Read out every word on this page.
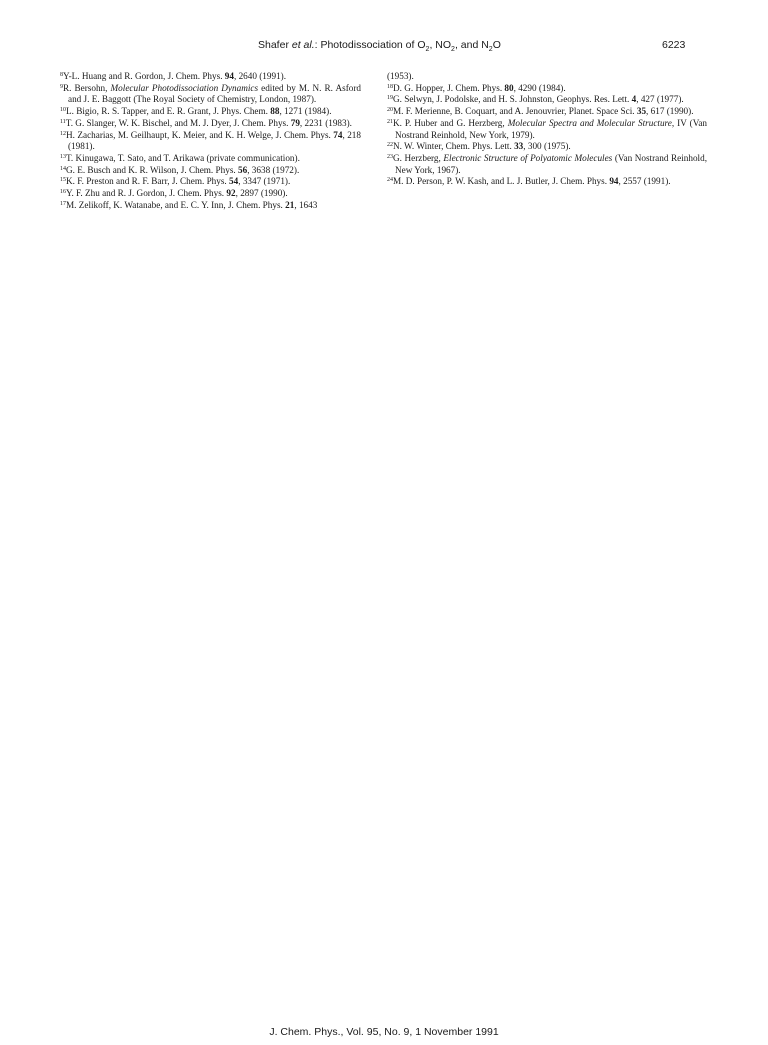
Shafer et al.: Photodissociation of $O_2$, $NO_2$, and $N_2O$	6223
$^8$Y-L. Huang and R. Gordon, J. Chem. Phys. 94, 2640 (1991).
$^9$R. Bersohn, Molecular Photodissociation Dynamics edited by M. N. R. Asford and J. E. Baggott (The Royal Society of Chemistry, London, 1987).
$^{10}$L. Bigio, R. S. Tapper, and E. R. Grant, J. Phys. Chem. 88, 1271 (1984).
$^{11}$T. G. Slanger, W. K. Bischel, and M. J. Dyer, J. Chem. Phys. 79, 2231 (1983).
$^{12}$H. Zacharias, M. Geilhaupt, K. Meier, and K. H. Welge, J. Chem. Phys. 74, 218 (1981).
$^{13}$T. Kinugawa, T. Sato, and T. Arikawa (private communication).
$^{14}$G. E. Busch and K. R. Wilson, J. Chem. Phys. 56, 3638 (1972).
$^{15}$K. F. Preston and R. F. Barr, J. Chem. Phys. 54, 3347 (1971).
$^{16}$Y. F. Zhu and R. J. Gordon, J. Chem. Phys. 92, 2897 (1990).
$^{17}$M. Zelikoff, K. Watanabe, and E. C. Y. Inn, J. Chem. Phys. 21, 1643
(1953).
$^{18}$D. G. Hopper, J. Chem. Phys. 80, 4290 (1984).
$^{19}$G. Selwyn, J. Podolske, and H. S. Johnston, Geophys. Res. Lett. 4, 427 (1977).
$^{20}$M. F. Merienne, B. Coquart, and A. Jenouvrier, Planet. Space Sci. 35, 617 (1990).
$^{21}$K. P. Huber and G. Herzberg, Molecular Spectra and Molecular Structure, IV (Van Nostrand Reinhold, New York, 1979).
$^{22}$N. W. Winter, Chem. Phys. Lett. 33, 300 (1975).
$^{23}$G. Herzberg, Electronic Structure of Polyatomic Molecules (Van Nostrand Reinhold, New York, 1967).
$^{24}$M. D. Person, P. W. Kash, and L. J. Butler, J. Chem. Phys. 94, 2557 (1991).
J. Chem. Phys., Vol. 95, No. 9, 1 November 1991
